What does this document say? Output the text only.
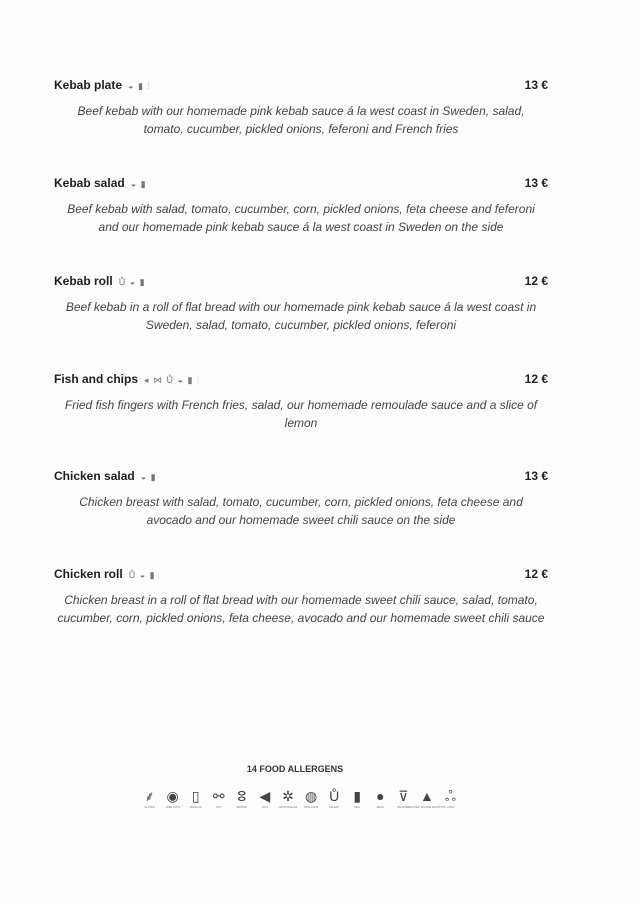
Kebab plate ◒ ▮ ⫶	13 €
Beef kebab with our homemade pink kebab sauce á la west coast in Sweden, salad, tomato, cucumber, pickled onions, feferoni and French fries
Kebab salad ◒ ▮	13 €
Beef kebab with salad, tomato, cucumber, corn, pickled onions, feta cheese and feferoni and our homemade pink kebab sauce á la west coast in Sweden on the side
Kebab roll Ů ◒ ▮	12 €
Beef kebab in a roll of flat bread with our homemade pink kebab sauce á la west coast in Sweden, salad, tomato, cucumber, pickled onions, feferoni
Fish and chips ◂ ⋈ Ů ◒ ▮ ⫶	12 €
Fried fish fingers with French fries, salad, our homemade remoulade sauce and a slice of lemon
Chicken salad ◒ ▮	13 €
Chicken breast with salad, tomato, cucumber, corn, pickled onions, feta cheese and avocado and our homemade sweet chili sauce on the side
Chicken roll Ů ◒ ▮	12 €
Chicken breast in a roll of flat bread with our homemade sweet chili sauce, salad, tomato, cucumber, corn, pickled onions, feta cheese, avocado and our homemade sweet chili sauce
14 FOOD ALLERGENS
⸙
GLUTEN
◉
TREE NUTS
▯
PEANUTS
⚯
SOY
ⵓ
SESAME
◀
FISH
✲
CRUSTACEANS
◍
MOLLUSCS
Ů
CELERY
▮
MILK
●
EGGS
⊽
MUSTARD
▲
SULPHUR DIOXIDE SULPHITES
ஃ
LUPIN
